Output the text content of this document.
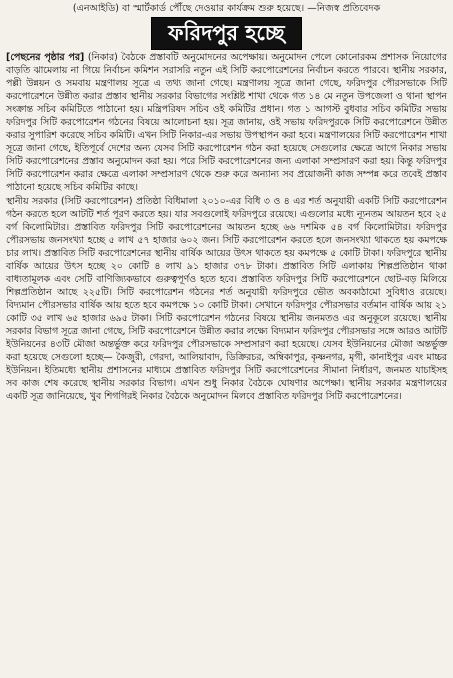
(এনআইডি) বা স্মার্টকার্ড পৌঁছে দেওয়ার কার্যক্রম শুরু হয়েছে। —নিজস্ব প্রতিবেদক
ফরিদপুর হচ্ছে

[পেছনের পৃষ্ঠার পর] (নিকার) বৈঠকে প্রস্তাবটি অনুমোদনের অপেক্ষায়। অনুমোদন পেলে কোনোরকম প্রশাসক নিয়োগের বাড়তি ঝামেলায় না গিয়ে নির্বাচন কমিশন সরাসরি নতুন এই সিটি করপোরেশনের নির্বাচন করতে পারবে। স্থানীয় সরকার, পল্লী উন্নয়ন ও সমবায় মন্ত্রণালয় সূত্রে এ তথ্য জানা গেছে। মন্ত্রণালয় সূত্রে জানা গেছে, ফরিদপুর পৌরসভাকে সিটি করপোরেশনে উন্নীত করার প্রস্তাব স্থানীয় সরকার বিভাগের সংশ্লিষ্ট শাখা থেকে গত ১৪ মে নতুন উপজেলা ও থানা স্থাপন সংক্রান্ত সচিব কমিটিতে পাঠানো হয়। মন্ত্রিপরিষদ সচিব ওই কমিটির প্রধান। গত ১ আগস্ট বুধবার সচিব কমিটির সভায় ফরিদপুর সিটি করপোরেশন গঠনের বিষয়ে আলোচনা হয়। সূত্র জানায়, ওই সভায় ফরিদপুরকে সিটি করপোরেশনে উন্নীত করার সুপারিশ করেছে সচিব কমিটি। এখন সিটি নিকার-এর সভায় উপস্থাপন করা হবে। মন্ত্রণালয়ের সিটি করপোরেশন শাখা সূত্রে জানা গেছে, ইতিপূর্বে দেশের অন্য যেসব সিটি করপোরেশন গঠন করা হয়েছে সেগুলোর ক্ষেত্রে আগে নিকার সভায় সিটি করপোরেশনের প্রস্তাব অনুমোদন করা হয়। পরে সিটি করপোরেশনের জন্য এলাকা সম্প্রসারণ করা হয়। কিন্তু ফরিদপুর সিটি করপোরেশন করার ক্ষেত্রে এলাকা সম্প্রসারণ থেকে শুরু করে অন্যান্য সব প্রয়োজনী কাজ সম্পন্ন করে তবেই প্রস্তাব পাঠানো হয়েছে সচিব কমিটির কাছে।

স্থানীয় সরকার (সিটি করপোরেশন) প্রতিষ্ঠা বিধিমালা ২০১০-এর বিধি ৩ ও ৪ এর শর্ত অনুযায়ী একটি সিটি করপোরেশন গঠন করতে হলে আটটি শর্ত পূরণ করতে হয়। যার সবগুলোই ফরিদপুরে রয়েছে। এগুলোর মধ্যে ন্যূনতম আয়তন হবে ২৫ বর্গ কিলোমিটার। প্রস্তাবিত ফরিদপুর সিটি করপোরেশনের আয়তন হচ্ছে ৬৬ দশমিক ৫৪ বর্গ কিলোমিটার। ফরিদপুর পৌরসভায় জনসংখ্যা হচ্ছে ৫ লাখ ৫৭ হাজার ৬০২ জন। সিটি করপোরেশন করতে হলে জনসংখ্যা থাকতে হয় কমপক্ষে চার লাখ। প্রস্তাবিত সিটি করপোরেশনের স্থানীয় বার্ষিক আয়ের উৎস থাকতে হয় কমপক্ষে ৫ কোটি টাকা। ফরিদপুরে স্থানীয় বার্ষিক আয়ের উৎস হচ্ছে ২০ কোটি ৪ লাখ ৯১ হাজার ৩৭৮ টাকা। প্রস্তাবিত সিটি এলাকায় শিল্পপ্রতিষ্ঠান থাকা বাধ্যতামূলক এবং সেটি বাণিজ্যিকভাবে গুরুত্বপূর্ণও হতে হবে। প্রস্তাবিত ফরিদপুর সিটি করপোরেশনে ছোট-বড় মিলিয়ে শিল্পপ্রতিষ্ঠান আছে ২২৫টি। সিটি করপোরেশন গঠনের শর্ত অনুযায়ী ফরিদপুরে ভৌত অবকাঠামো সুবিধাও রয়েছে। বিদ্যমান পৌরসভার বার্ষিক আয় হতে হবে কমপক্ষে ১০ কোটি টাকা। সেখানে ফরিদপুর পৌরসভার বর্তমান বার্ষিক আয় ২১ কোটি ৩৫ লাখ ৬৫ হাজার ৬৯৫ টাকা। সিটি করপোরেশন গঠনের বিষয়ে স্থানীয় জনমতও এর অনুকূলে রয়েছে। স্থানীয় সরকার বিভাগ সূত্রে জানা গেছে, সিটি করপোরেশনে উন্নীত করার লক্ষ্যে বিদ্যমান ফরিদপুর পৌরসভার সঙ্গে আরও আটটি ইউনিয়নের ৪৩টি মৌজা অন্তর্ভুক্ত করে ফরিদপুর পৌরসভাকে সম্প্রসারণ করা হয়েছে। যেসব ইউনিয়নের মৌজা অন্তর্ভুক্ত করা হয়েছে সেগুলো হচ্ছে— কৈজুরী, গেরদা, আলিয়াবাদ, ডিক্রিরচর, অম্বিকাপুর, কৃষ্ণনগর, মৃগী, কানাইপুর এবং মাচ্চর ইউনিয়ন। ইতিমধ্যে স্থানীয় প্রশাসনের মাধ্যমে প্রস্তাবিত ফরিদপুর সিটি করপোরেশনের সীমানা নির্ধারণ, জনমত যাচাইসহ সব কাজ শেষ করেছে স্থানীয় সরকার বিভাগ। এখন শুধু নিকার বৈঠকে ঘোষণার অপেক্ষা। স্থানীয় সরকার মন্ত্রণালয়ের একটি সূত্র জানিয়েছে, খুব শিগগিরই নিকার বৈঠকে অনুমোদন মিলবে প্রস্তাবিত ফরিদপুর সিটি করপোরেশনের।
